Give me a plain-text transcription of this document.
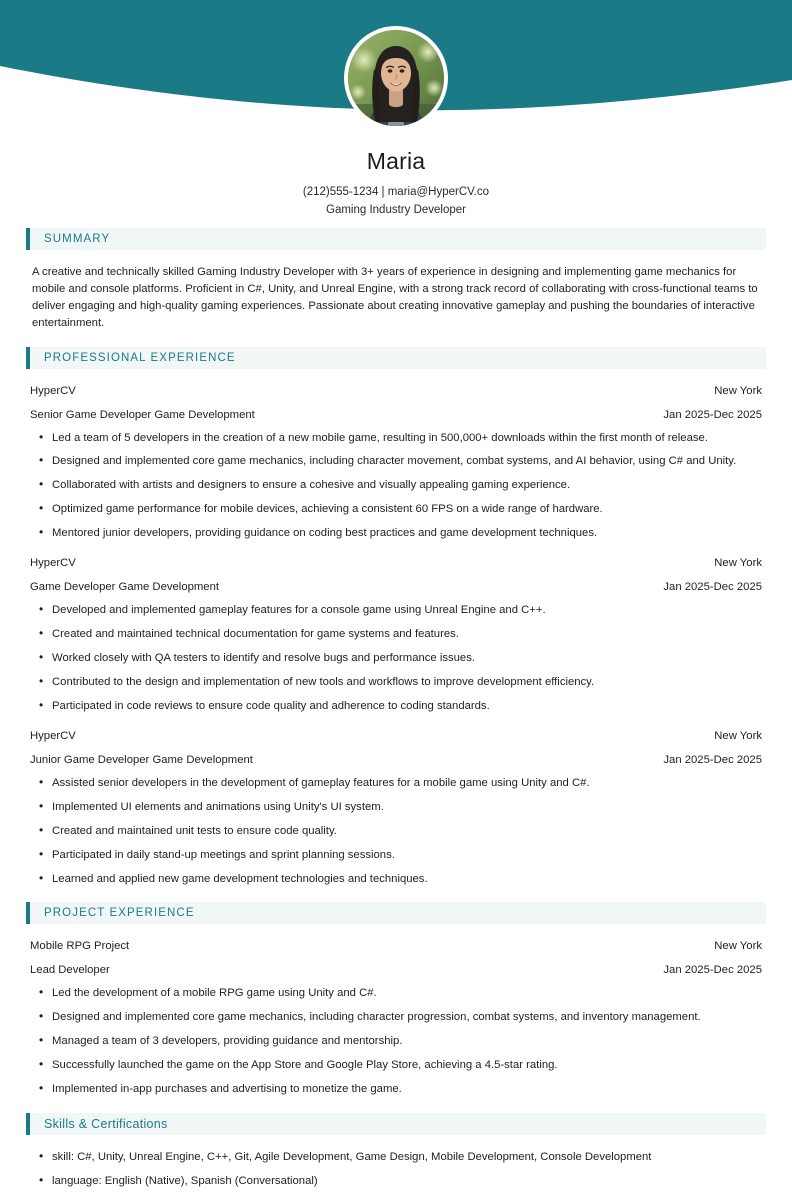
Maria
(212)555-1234 | maria@HyperCV.co
Gaming Industry Developer
SUMMARY

A creative and technically skilled Gaming Industry Developer with 3+ years of experience in designing and implementing game mechanics for mobile and console platforms. Proficient in C#, Unity, and Unreal Engine, with a strong track record of collaborating with cross-functional teams to deliver engaging and high-quality gaming experiences. Passionate about creating innovative gameplay and pushing the boundaries of interactive entertainment.

PROFESSIONAL EXPERIENCE
HyperCV	New York
Senior Game Developer Game Development	Jan 2025-Dec 2025
• Led a team of 5 developers in the creation of a new mobile game, resulting in 500,000+ downloads within the first month of release.
• Designed and implemented core game mechanics, including character movement, combat systems, and AI behavior, using C# and Unity.
• Collaborated with artists and designers to ensure a cohesive and visually appealing gaming experience.
• Optimized game performance for mobile devices, achieving a consistent 60 FPS on a wide range of hardware.
• Mentored junior developers, providing guidance on coding best practices and game development techniques.
HyperCV	New York
Game Developer Game Development	Jan 2025-Dec 2025
• Developed and implemented gameplay features for a console game using Unreal Engine and C++.
• Created and maintained technical documentation for game systems and features.
• Worked closely with QA testers to identify and resolve bugs and performance issues.
• Contributed to the design and implementation of new tools and workflows to improve development efficiency.
• Participated in code reviews to ensure code quality and adherence to coding standards.
HyperCV	New York
Junior Game Developer Game Development	Jan 2025-Dec 2025
• Assisted senior developers in the development of gameplay features for a mobile game using Unity and C#.
• Implemented UI elements and animations using Unity's UI system.
• Created and maintained unit tests to ensure code quality.
• Participated in daily stand-up meetings and sprint planning sessions.
• Learned and applied new game development technologies and techniques.
PROJECT EXPERIENCE
Mobile RPG Project	New York
Lead Developer	Jan 2025-Dec 2025
• Led the development of a mobile RPG game using Unity and C#.
• Designed and implemented core game mechanics, including character progression, combat systems, and inventory management.
• Managed a team of 3 developers, providing guidance and mentorship.
• Successfully launched the game on the App Store and Google Play Store, achieving a 4.5-star rating.
• Implemented in-app purchases and advertising to monetize the game.
Skills & Certifications
• skill: C#, Unity, Unreal Engine, C++, Git, Agile Development, Game Design, Mobile Development, Console Development
• language: English (Native), Spanish (Conversational)
